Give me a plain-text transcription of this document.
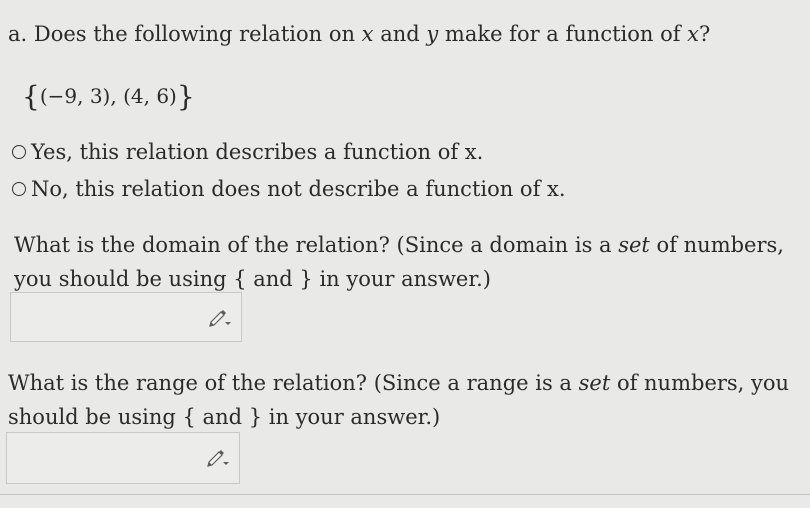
a. Does the following relation on x and y make for a function of x?
{(−9, 3), (4, 6)}
Yes, this relation describes a function of x.
No, this relation does not describe a function of x.
What is the domain of the relation? (Since a domain is a set of numbers, you should be using { and } in your answer.)
What is the range of the relation? (Since a range is a set of numbers, you should be using { and } in your answer.)
